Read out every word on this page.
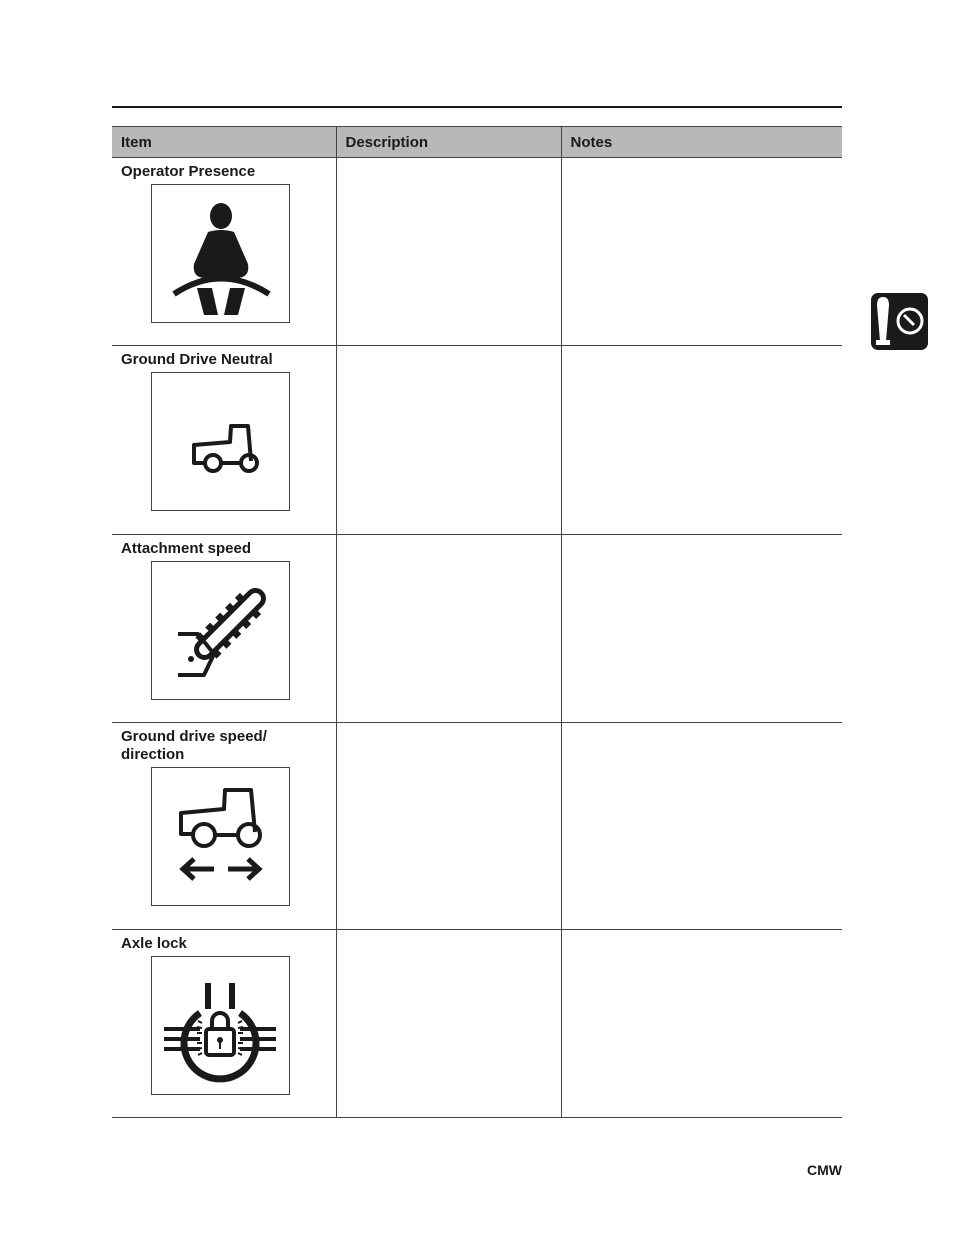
Item	Description	Notes

Operator Presence		

Ground Drive Neutral		

Attachment speed		

Ground drive speed/ direction		

Axle lock		

CMW
